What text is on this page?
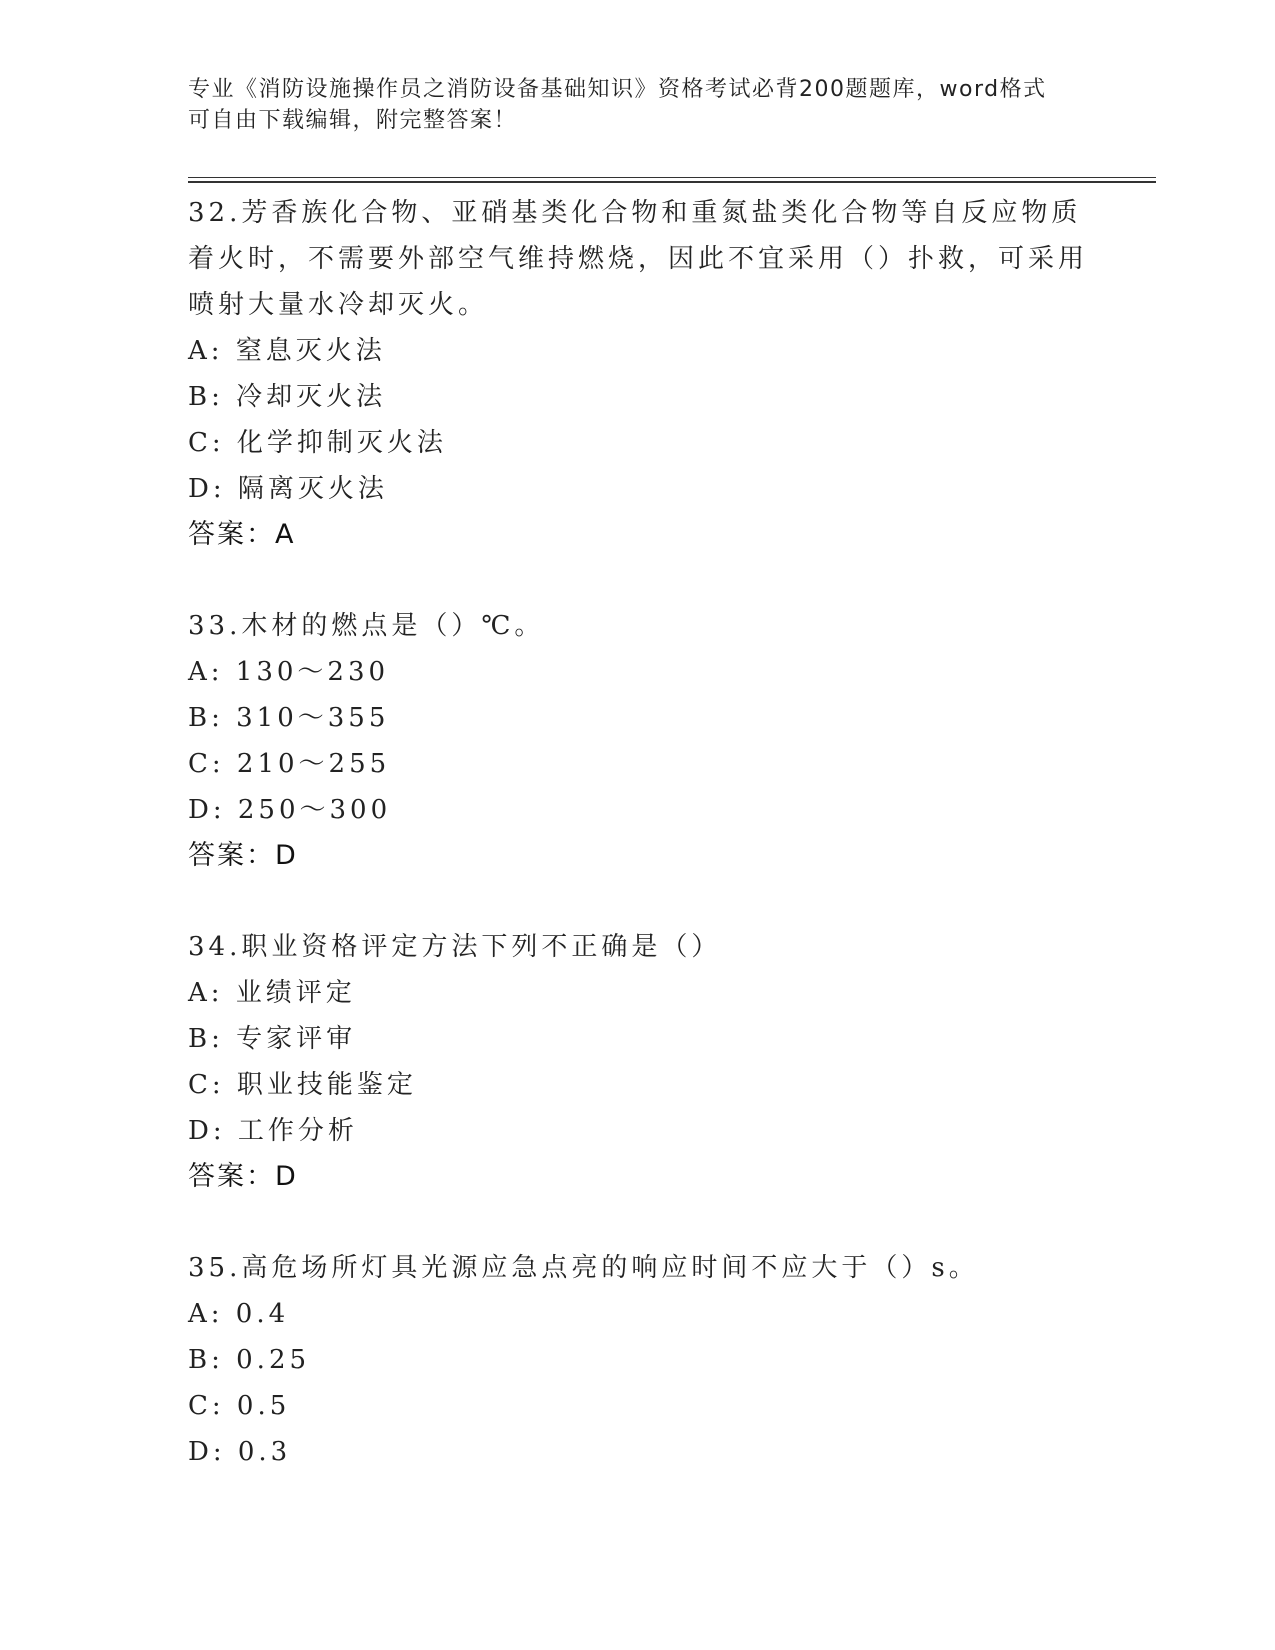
专业《消防设施操作员之消防设备基础知识》资格考试必背200题题库，word格式可自由下载编辑，附完整答案！
32.芳香族化合物、亚硝基类化合物和重氮盐类化合物等自反应物质着火时，不需要外部空气维持燃烧，因此不宜采用（）扑救，可采用喷射大量水冷却灭火。
A: 窒息灭火法
B: 冷却灭火法
C: 化学抑制灭火法
D: 隔离灭火法
答案：A
33.木材的燃点是（）℃。
A: 130～230
B: 310～355
C: 210～255
D: 250～300
答案：D
34.职业资格评定方法下列不正确是（）
A: 业绩评定
B: 专家评审
C: 职业技能鉴定
D: 工作分析
答案：D
35.高危场所灯具光源应急点亮的响应时间不应大于（）s。
A: 0.4
B: 0.25
C: 0.5
D: 0.3
